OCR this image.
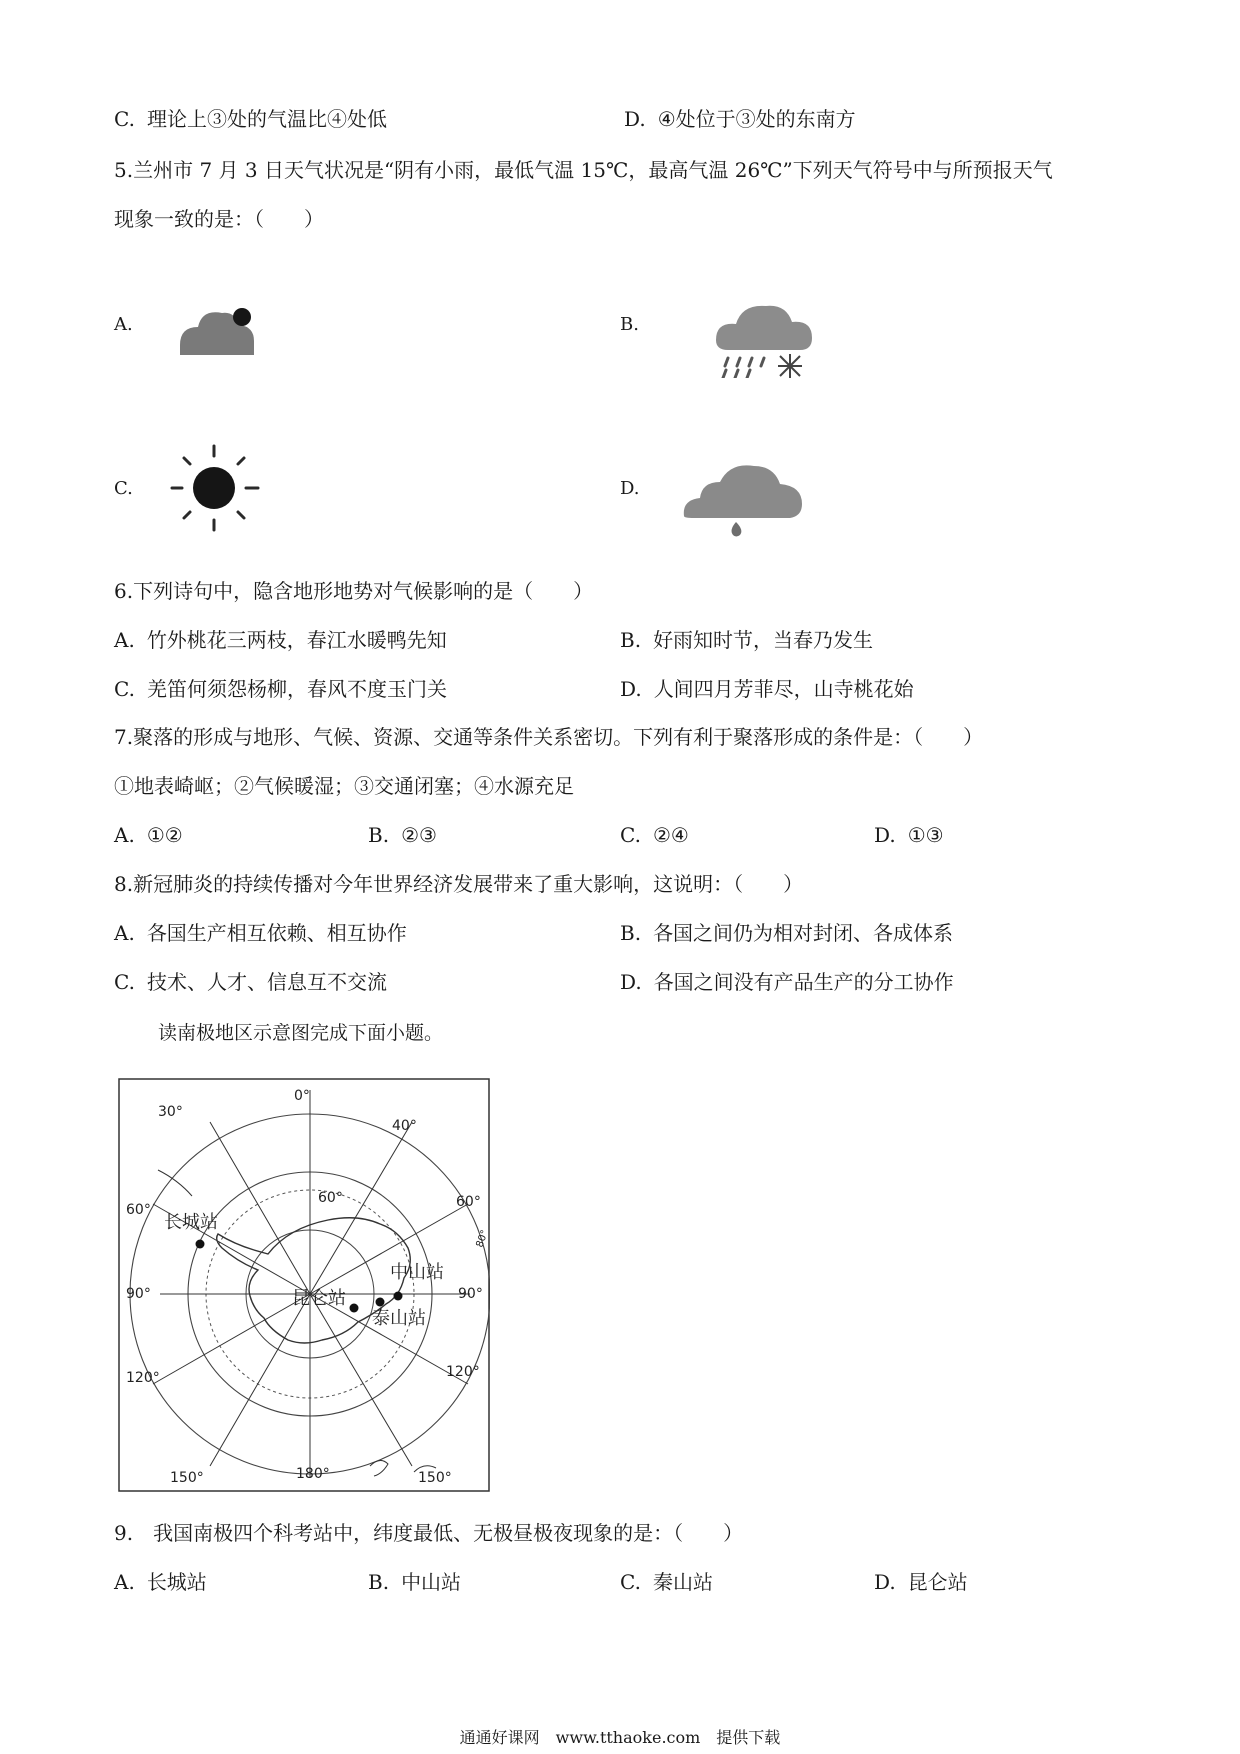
C. 理论上③处的气温比④处低	D. ④处位于③处的东南方
5.兰州市 7 月 3 日天气状况是“阴有小雨，最低气温 15℃，最高气温 26℃”下列天气符号中与所预报天气
现象一致的是：（　　）
A.	B.
C.	D.
6.下列诗句中，隐含地形地势对气候影响的是（　　）
A. 竹外桃花三两枝，春江水暖鸭先知	B. 好雨知时节，当春乃发生
C. 羌笛何须怨杨柳，春风不度玉门关	D. 人间四月芳菲尽，山寺桃花始
7.聚落的形成与地形、气候、资源、交通等条件关系密切。下列有利于聚落形成的条件是：（　　）
①地表崎岖；②气候暖湿；③交通闭塞；④水源充足
A. ①②	B. ②③	C. ②④	D. ①③
8.新冠肺炎的持续传播对今年世界经济发展带来了重大影响，这说明：（　　）
A. 各国生产相互依赖、相互协作	B. 各国之间仍为相对封闭、各成体系
C. 技术、人才、信息互不交流	D. 各国之间没有产品生产的分工协作
读南极地区示意图完成下面小题。
0°
30°
40°
60°
60°	60°
80°
90°	90°
120°	120°
150°	180°	150°
长城站
昆仑站
泰山站
中山站
9.　我国南极四个科考站中，纬度最低、无极昼极夜现象的是：（　　）
A. 长城站	B. 中山站	C. 秦山站	D. 昆仑站
通通好课网　www.tthaoke.com　提供下载
